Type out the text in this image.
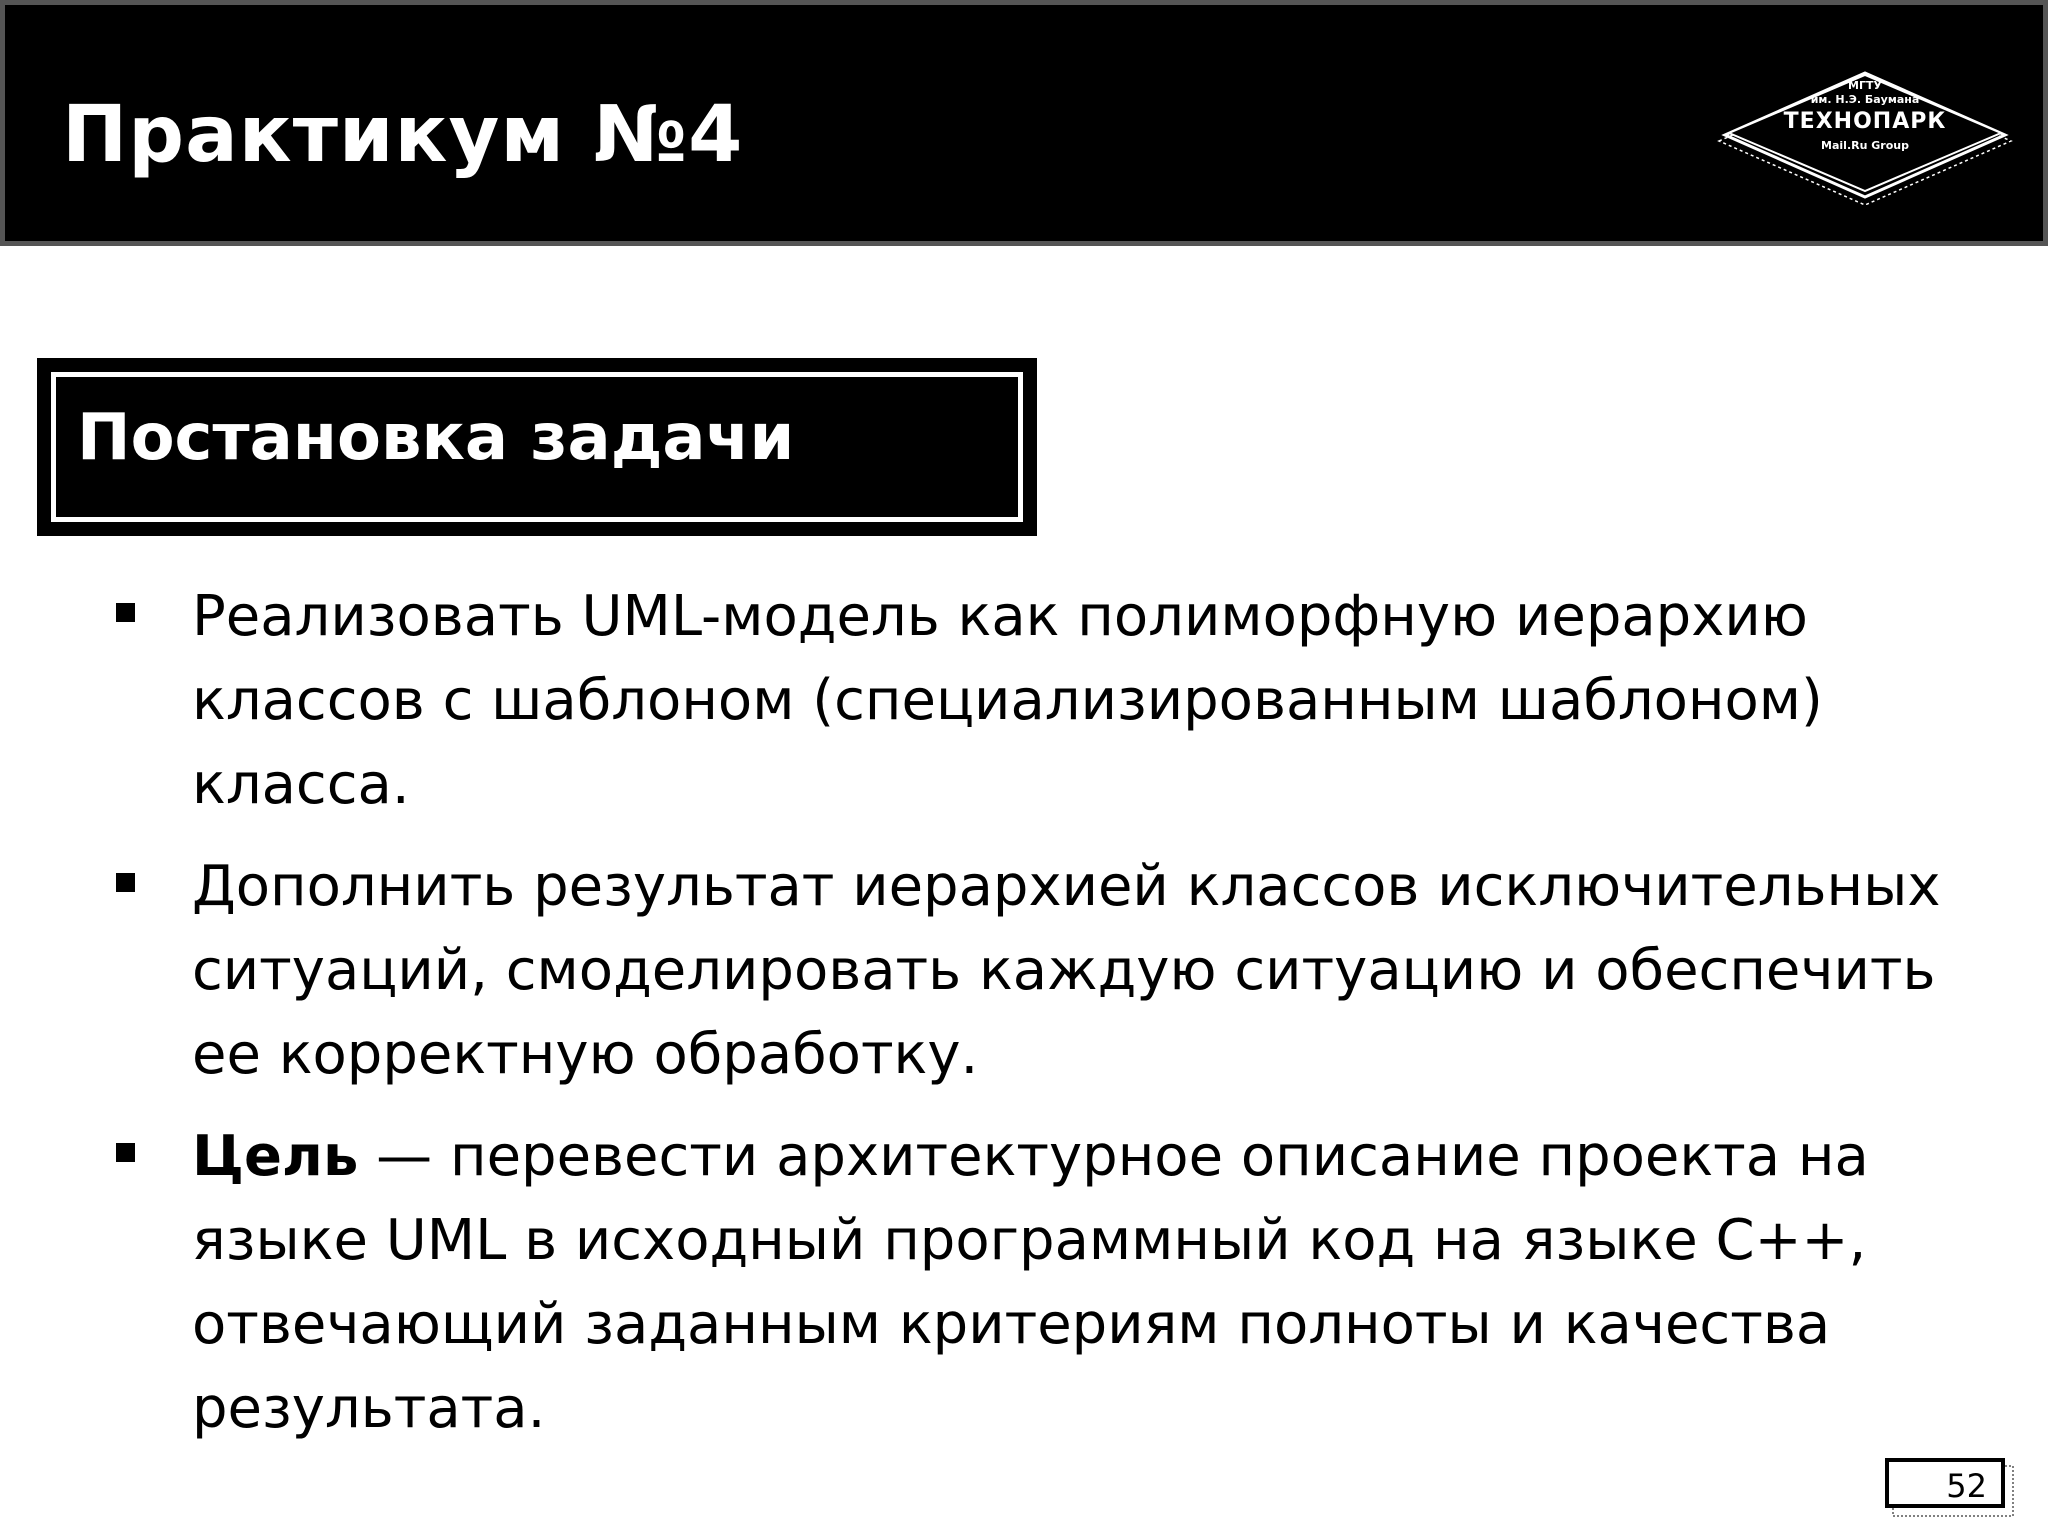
Практикум №4
МГТУ
им. Н.Э. Баумана
ТЕХНОПАРК
Mail.Ru Group
Постановка задачи
Реализовать UML-модель как полиморфную иерархию классов с шаблоном (специализированным шаблоном) класса.
Дополнить результат иерархией классов исключительных ситуаций, смоделировать каждую ситуацию и обеспечить ее корректную обработку.
Цель — перевести архитектурное описание проекта на языке UML в исходный программный код на языке С++, отвечающий заданным критериям полноты и качества результата.
52
